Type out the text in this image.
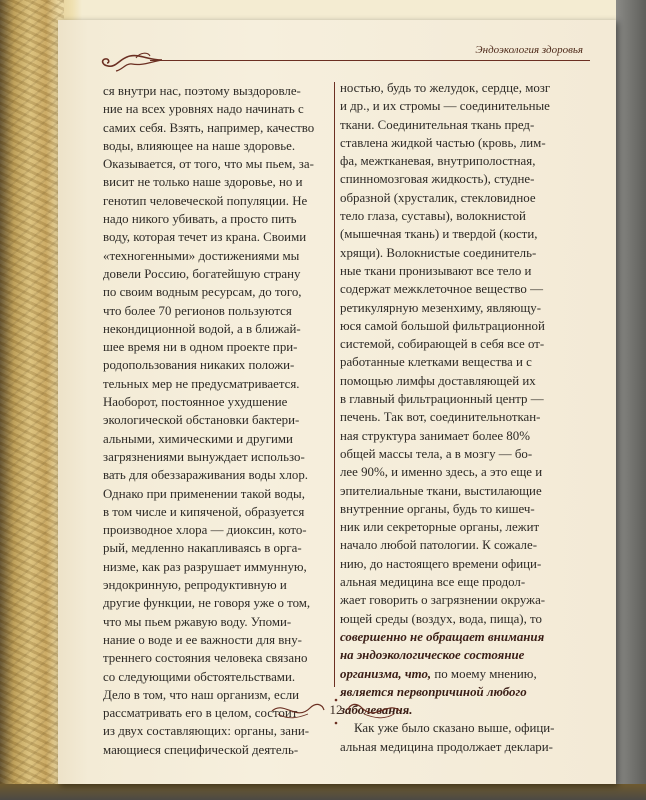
Эндоэкология здоровья

ся внутри нас, поэтому выздоровле-

ние на всех уровнях надо начинать с

самих себя. Взять, например, качество

воды, влияющее на наше здоровье.

Оказывается, от того, что мы пьем, за-

висит не только наше здоровье, но и

генотип человеческой популяции. Не

надо никого убивать, а просто пить

воду, которая течет из крана. Своими

«техногенными» достижениями мы

довели Россию, богатейшую страну

по своим водным ресурсам, до того,

что более 70 регионов пользуются

некондиционной водой, а в ближай-

шее время ни в одном проекте при-

родопользования никаких положи-

тельных мер не предусматривается.

Наоборот, постоянное ухудшение

экологической обстановки бактери-

альными, химическими и другими

загрязнениями вынуждает использо-

вать для обеззараживания воды хлор.

Однако при применении такой воды,

в том числе и кипяченой, образуется

производное хлора — диоксин, кото-

рый, медленно накапливаясь в орга-

низме, как раз разрушает иммунную,

эндокринную, репродуктивную и

другие функции, не говоря уже о том,

что мы пьем ржавую воду. Упоми-

нание о воде и ее важности для вну-

треннего состояния человека связано

со следующими обстоятельствами.

Дело в том, что наш организм, если

рассматривать его в целом, состоит

из двух составляющих: органы, зани-

мающиеся специфической деятель-

ностью, будь то желудок, сердце, мозг

и др., и их стромы — соединительные

ткани. Соединительная ткань пред-

ставлена жидкой частью (кровь, лим-

фа, межтканевая, внутриполостная,

спинномозговая жидкость), студне-

образной (хрусталик, стекловидное

тело глаза, суставы), волокнистой

(мышечная ткань) и твердой (кости,

хрящи). Волокнистые соединитель-

ные ткани пронизывают все тело и

содержат межклеточное вещество —

ретикулярную мезенхиму, являющу-

юся самой большой фильтрационной

системой, собирающей в себя все от-

работанные клетками вещества и с

помощью лимфы доставляющей их

в главный фильтрационный центр —

печень. Так вот, соединительноткан-

ная структура занимает более 80%

общей массы тела, а в мозгу — бо-

лее 90%, и именно здесь, а это еще и

эпителиальные ткани, выстилающие

внутренние органы, будь то кишеч-

ник или секреторные органы, лежит

начало любой патологии. К сожале-

нию, до настоящего времени офици-

альная медицина все еще продол-

жает говорить о загрязнении окружа-

ющей среды (воздух, вода, пища), то

совершенно не обращает внимания

на эндоэкологическое состояние

организма, что, по моему мнению,

является первопричиной любого

заболевания.

Как уже было сказано выше, офици-

альная медицина продолжает деклари-

12
